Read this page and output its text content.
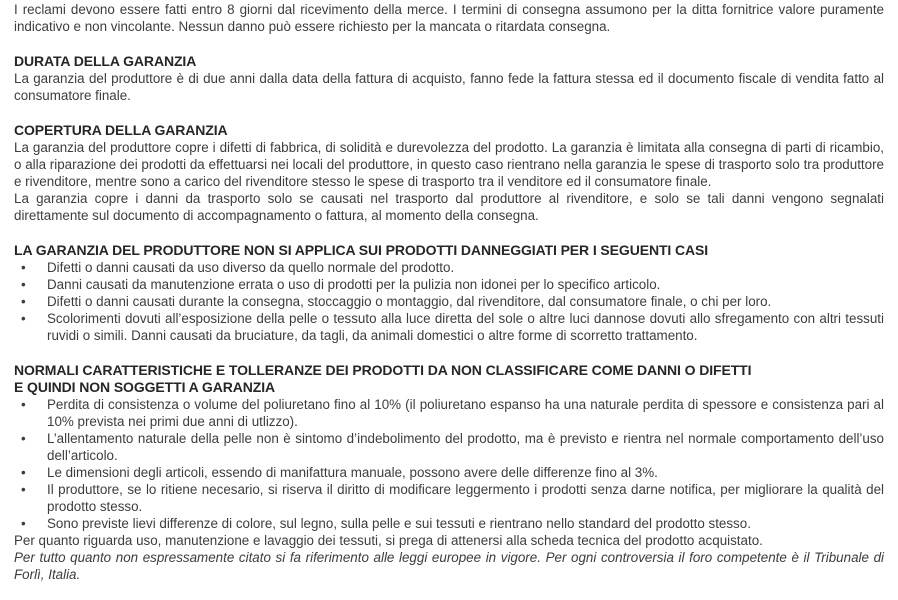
I reclami devono essere fatti entro 8 giorni dal ricevimento della merce. I termini di consegna assumono per la ditta fornitrice valore puramente indicativo e non vincolante. Nessun danno può essere richiesto per la mancata o ritardata consegna.

DURATA DELLA GARANZIA

La garanzia del produttore è di due anni dalla data della fattura di acquisto, fanno fede la fattura stessa ed il documento fiscale di vendita fatto al consumatore finale.

COPERTURA DELLA GARANZIA

La garanzia del produttore copre i difetti di fabbrica, di solidità e durevolezza del prodotto. La garanzia è limitata alla consegna di parti di ricambio, o alla riparazione dei prodotti da effettuarsi nei locali del produttore, in questo caso rientrano nella garanzia le spese di trasporto solo tra produttore e rivenditore, mentre sono a carico del rivenditore stesso le spese di trasporto tra il venditore ed il consumatore finale.

La garanzia copre i danni da trasporto solo se causati nel trasporto dal produttore al rivenditore, e solo se tali danni vengono segnalati direttamente sul documento di accompagnamento o fattura, al momento della consegna.

LA GARANZIA DEL PRODUTTORE NON SI APPLICA SUI PRODOTTI DANNEGGIATI PER I SEGUENTI CASI
• Difetti o danni causati da uso diverso da quello normale del prodotto.
• Danni causati da manutenzione errata o uso di prodotti per la pulizia non idonei per lo specifico articolo.
• Difetti o danni causati durante la consegna, stoccaggio o montaggio, dal rivenditore, dal consumatore finale, o chi per loro.
• Scolorimenti dovuti all’esposizione della pelle o tessuto alla luce diretta del sole o altre luci dannose dovuti allo sfregamento con altri tessuti ruvidi o simili. Danni causati da bruciature, da tagli, da animali domestici o altre forme di scorretto trattamento.
NORMALI CARATTERISTICHE E TOLLERANZE DEI PRODOTTI DA NON CLASSIFICARE COME DANNI O DIFETTI
E QUINDI NON SOGGETTI A GARANZIA
• Perdita di consistenza o volume del poliuretano fino al 10% (il poliuretano espanso ha una naturale perdita di spessore e consistenza pari al 10% prevista nei primi due anni di utlizzo).
• L’allentamento naturale della pelle non è sintomo d’indebolimento del prodotto, ma è previsto e rientra nel normale comportamento dell’uso dell’articolo.
• Le dimensioni degli articoli, essendo di manifattura manuale, possono avere delle differenze fino al 3%.
• Il produttore, se lo ritiene necesario, si riserva il diritto di modificare leggermento i prodotti senza darne notifica, per migliorare la qualità del prodotto stesso.
• Sono previste lievi differenze di colore, sul legno, sulla pelle e sui tessuti e rientrano nello standard del prodotto stesso.

Per quanto riguarda uso, manutenzione e lavaggio dei tessuti, si prega di attenersi alla scheda tecnica del prodotto acquistato.

Per tutto quanto non espressamente citato si fa riferimento alle leggi europee in vigore. Per ogni controversia il foro competente è il Tribunale di Forlì, Italia.
